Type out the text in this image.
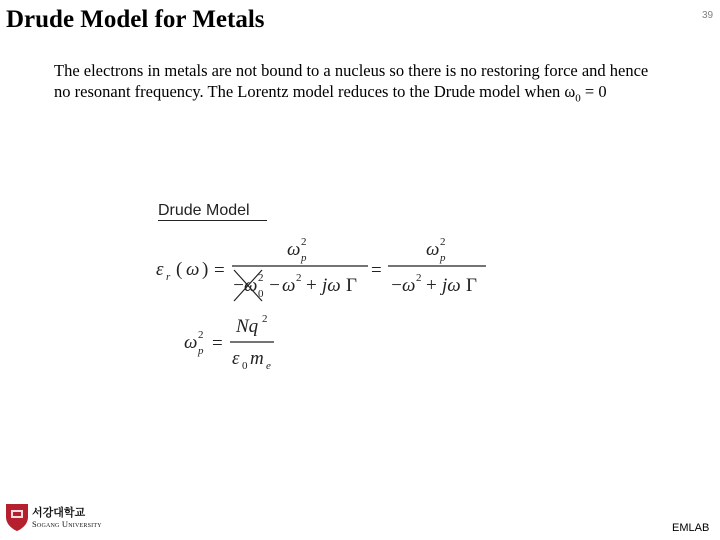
Drude Model for Metals	39
The electrons in metals are not bound to a nucleus so there is no restoring force and hence no resonant frequency. The Lorentz model reduces to the Drude model when $\omega_0 = 0$
Drude Model
ε r ( ω ) =
ω 2
p
− ω 2
0 − ω 2 + jω Γ
=
ω 2
p
− ω 2 + jω Γ
ω 2
p =
Nq 2
ε 0 m e
서강대학교
Sogang University	EMLAB
